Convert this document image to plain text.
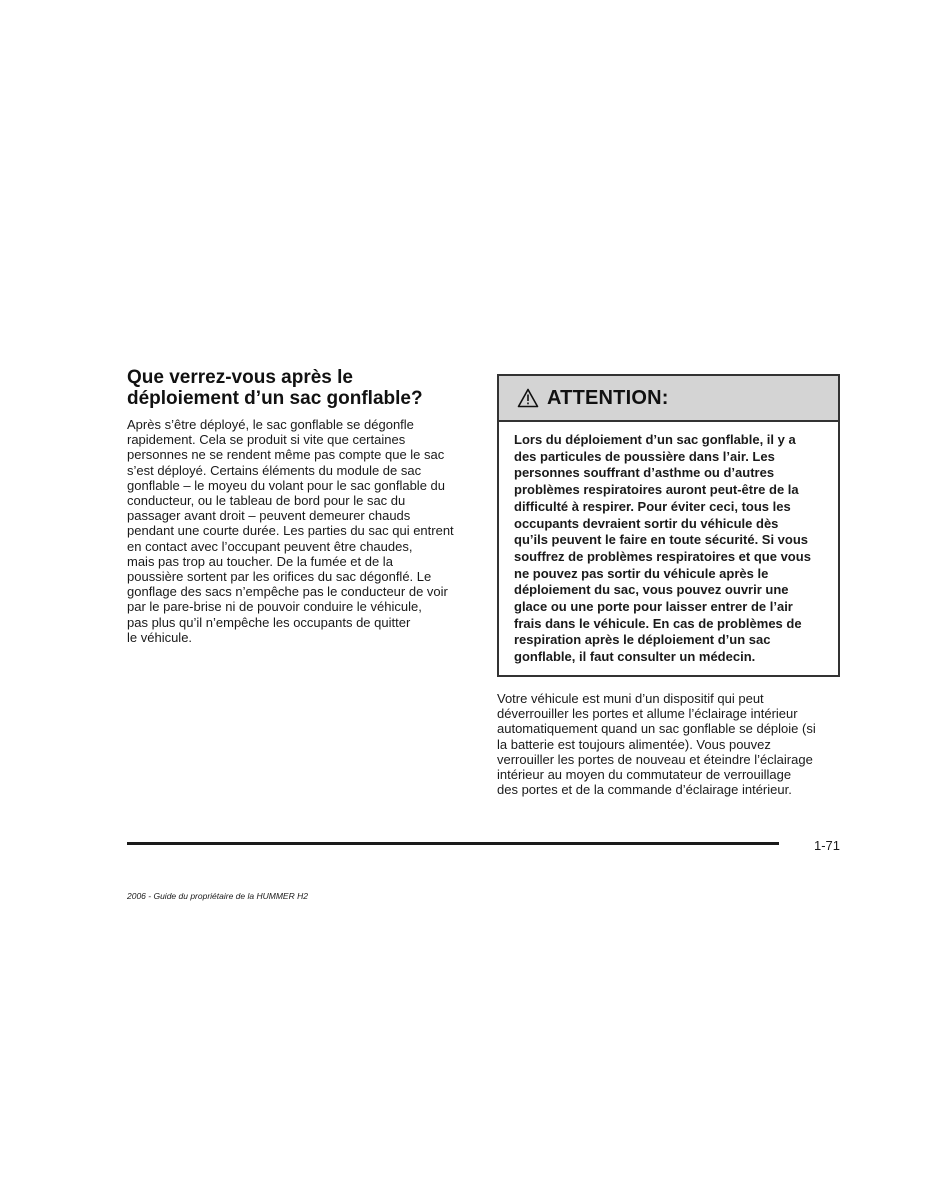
Que verrez-vous après le
déploiement d’un sac gonflable?
Après s’être déployé, le sac gonflable se dégonfle
rapidement. Cela se produit si vite que certaines
personnes ne se rendent même pas compte que le sac
s’est déployé. Certains éléments du module de sac
gonflable – le moyeu du volant pour le sac gonflable du
conducteur, ou le tableau de bord pour le sac du
passager avant droit – peuvent demeurer chauds
pendant une courte durée. Les parties du sac qui entrent
en contact avec l’occupant peuvent être chaudes,
mais pas trop au toucher. De la fumée et de la
poussière sortent par les orifices du sac dégonflé. Le
gonflage des sacs n’empêche pas le conducteur de voir
par le pare-brise ni de pouvoir conduire le véhicule,
pas plus qu’il n’empêche les occupants de quitter
le véhicule.
ATTENTION:
Lors du déploiement d’un sac gonflable, il y a
des particules de poussière dans l’air. Les
personnes souffrant d’asthme ou d’autres
problèmes respiratoires auront peut-être de la
difficulté à respirer. Pour éviter ceci, tous les
occupants devraient sortir du véhicule dès
qu’ils peuvent le faire en toute sécurité. Si vous
souffrez de problèmes respiratoires et que vous
ne pouvez pas sortir du véhicule après le
déploiement du sac, vous pouvez ouvrir une
glace ou une porte pour laisser entrer de l’air
frais dans le véhicule. En cas de problèmes de
respiration après le déploiement d’un sac
gonflable, il faut consulter un médecin.
Votre véhicule est muni d’un dispositif qui peut
déverrouiller les portes et allume l’éclairage intérieur
automatiquement quand un sac gonflable se déploie (si
la batterie est toujours alimentée). Vous pouvez
verrouiller les portes de nouveau et éteindre l’éclairage
intérieur au moyen du commutateur de verrouillage
des portes et de la commande d’éclairage intérieur.
1-71
2006 - Guide du propriétaire de la HUMMER H2
